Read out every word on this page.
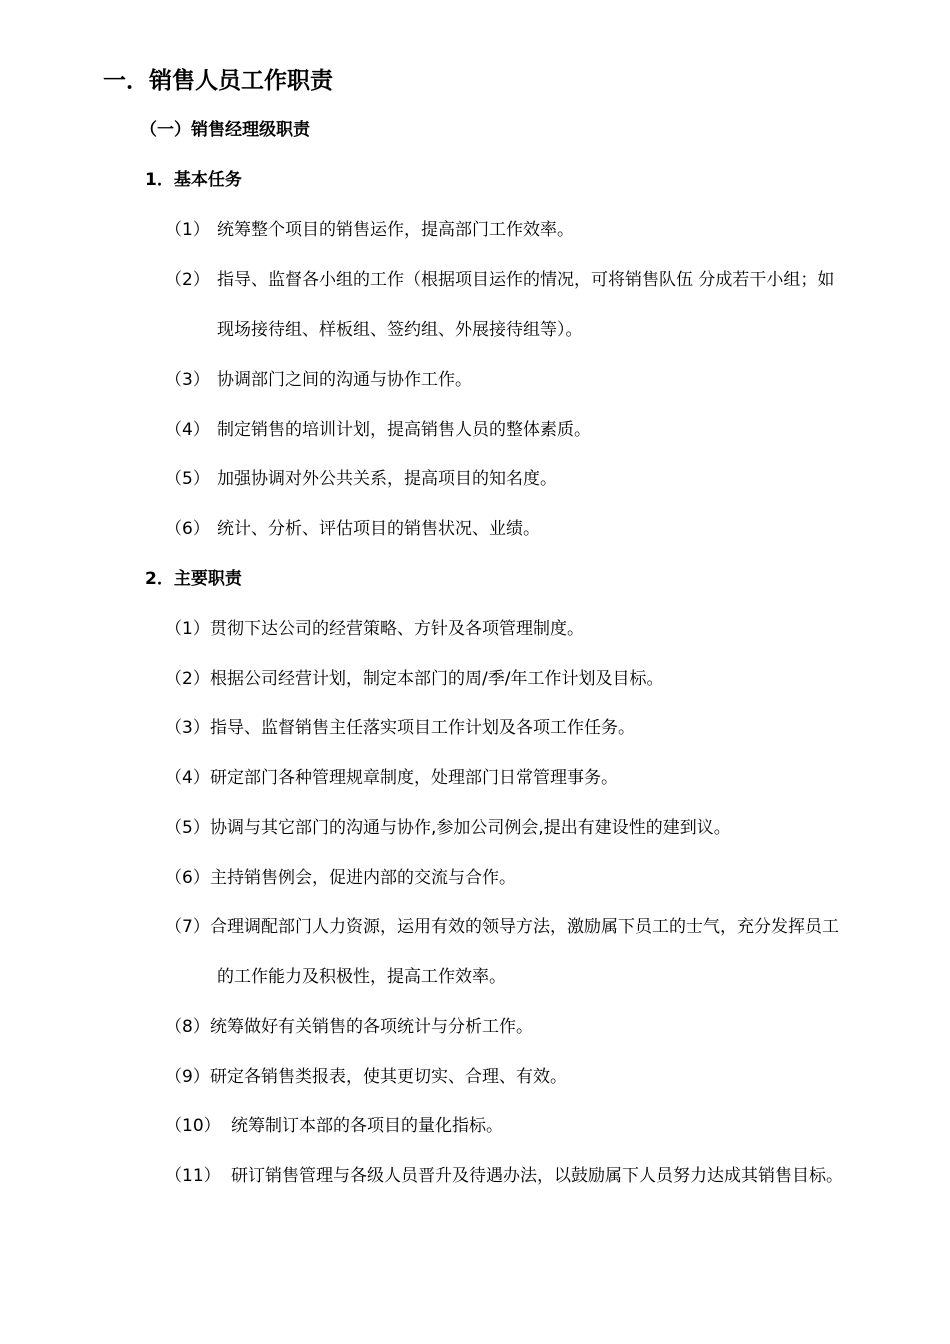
一．销售人员工作职责
（一）销售经理级职责
1．基本任务
（1） 统筹整个项目的销售运作，提高部门工作效率。
（2） 指导、监督各小组的工作（根据项目运作的情况，可将销售队伍 分成若干小组；如
现场接待组、样板组、签约组、外展接待组等）。
（3） 协调部门之间的沟通与协作工作。
（4） 制定销售的培训计划，提高销售人员的整体素质。
（5） 加强协调对外公共关系，提高项目的知名度。
（6） 统计、分析、评估项目的销售状况、业绩。
2．主要职责
（1） 贯彻下达公司的经营策略、方针及各项管理制度。
（2） 根据公司经营计划，制定本部门的周/季/年工作计划及目标。
（3） 指导、监督销售主任落实项目工作计划及各项工作任务。
（4） 研定部门各种管理规章制度，处理部门日常管理事务。
（5） 协调与其它部门的沟通与协作,参加公司例会,提出有建设性的建到议。
（6） 主持销售例会，促进内部的交流与合作。
（7） 合理调配部门人力资源，运用有效的领导方法，激励属下员工的士气，充分发挥员工
的工作能力及积极性，提高工作效率。
（8） 统筹做好有关销售的各项统计与分析工作。
（9） 研定各销售类报表，使其更切实、合理、有效。
（10） 统筹制订本部的各项目的量化指标。
（11） 研订销售管理与各级人员晋升及待遇办法，以鼓励属下人员努力达成其销售目标。
